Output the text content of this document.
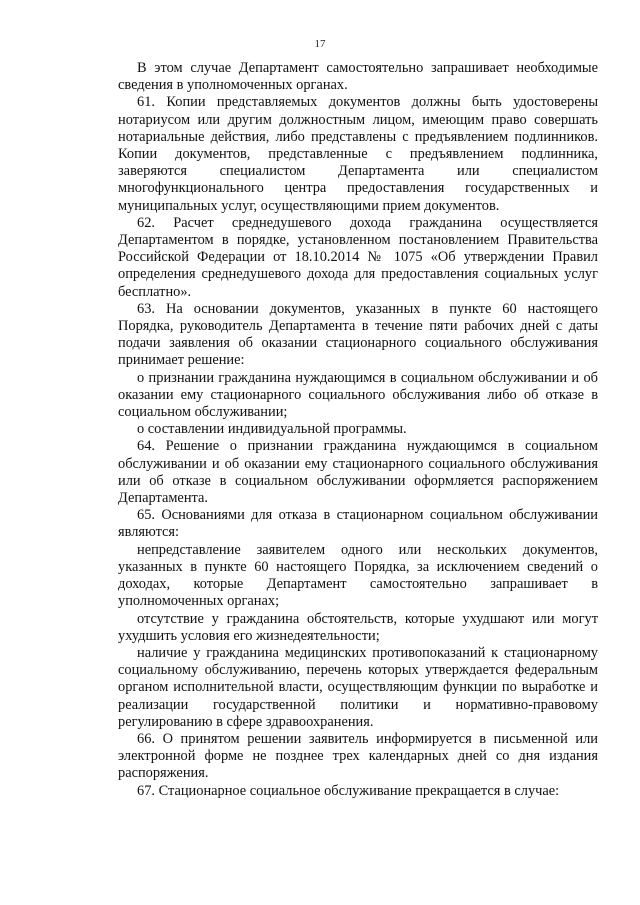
17

В этом случае Департамент самостоятельно запрашивает необходимые сведения в уполномоченных органах.

61. Копии представляемых документов должны быть удостоверены нотариусом или другим должностным лицом, имеющим право совершать нотариальные действия, либо представлены с предъявлением подлинников. Копии документов, представленные с предъявлением подлинника, заверяются специалистом Департамента или специалистом многофункционального центра предоставления государственных и муниципальных услуг, осуществляющими прием документов.

62. Расчет среднедушевого дохода гражданина осуществляется Департаментом в порядке, установленном постановлением Правительства Российской Федерации от 18.10.2014 № 1075 «Об утверждении Правил определения среднедушевого дохода для предоставления социальных услуг бесплатно».

63. На основании документов, указанных в пункте 60 настоящего Порядка, руководитель Департамента в течение пяти рабочих дней с даты подачи заявления об оказании стационарного социального обслуживания принимает решение:

о признании гражданина нуждающимся в социальном обслуживании и об оказании ему стационарного социального обслуживания либо об отказе в социальном обслуживании;

о составлении индивидуальной программы.

64. Решение о признании гражданина нуждающимся в социальном обслуживании и об оказании ему стационарного социального обслуживания или об отказе в социальном обслуживании оформляется распоряжением Департамента.

65. Основаниями для отказа в стационарном социальном обслуживании являются:

непредставление заявителем одного или нескольких документов, указанных в пункте 60 настоящего Порядка, за исключением сведений о доходах, которые Департамент самостоятельно запрашивает в уполномоченных органах;

отсутствие у гражданина обстоятельств, которые ухудшают или могут ухудшить условия его жизнедеятельности;

наличие у гражданина медицинских противопоказаний к стационарному социальному обслуживанию, перечень которых утверждается федеральным органом исполнительной власти, осуществляющим функции по выработке и реализации государственной политики и нормативно-правовому регулированию в сфере здравоохранения.

66. О принятом решении заявитель информируется в письменной или электронной форме не позднее трех календарных дней со дня издания распоряжения.

67. Стационарное социальное обслуживание прекращается в случае:
